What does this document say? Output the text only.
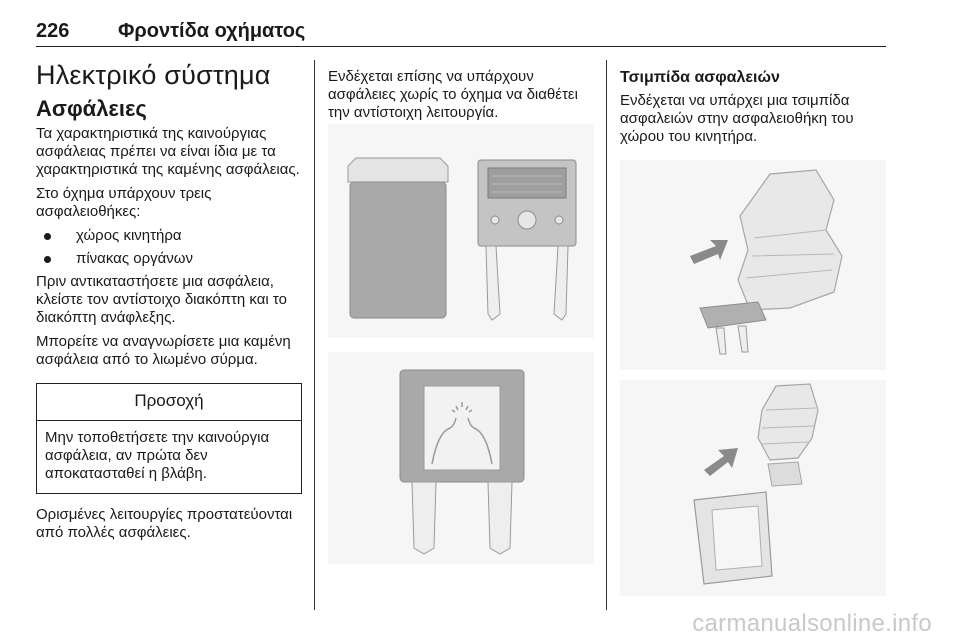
226 Φροντίδα οχήματος
Ηλεκτρικό σύστημα
Ασφάλειες

Τα χαρακτηριστικά της καινούργιας ασφάλειας πρέπει να είναι ίδια με τα χαρακτηριστικά της καμένης ασφάλειας.

Στο όχημα υπάρχουν τρεις ασφαλειοθήκες:

χώρος κινητήρα
πίνακας οργάνων

Πριν αντικαταστήσετε μια ασφάλεια, κλείστε τον αντίστοιχο διακόπτη και το διακόπτη ανάφλεξης.

Μπορείτε να αναγνωρίσετε μια καμένη ασφάλεια από το λιωμένο σύρμα.

Προσοχή
Μην τοποθετήσετε την καινούργια ασφάλεια, αν πρώτα δεν αποκατασταθεί η βλάβη.

Ορισμένες λειτουργίες προστατεύονται από πολλές ασφάλειες.

Ενδέχεται επίσης να υπάρχουν ασφάλειες χωρίς το όχημα να διαθέτει την αντίστοιχη λειτουργία.

Τσιμπίδα ασφαλειών

Ενδέχεται να υπάρχει μια τσιμπίδα ασφαλειών στην ασφαλειοθήκη του χώρου του κινητήρα.

carmanualsonline.info
